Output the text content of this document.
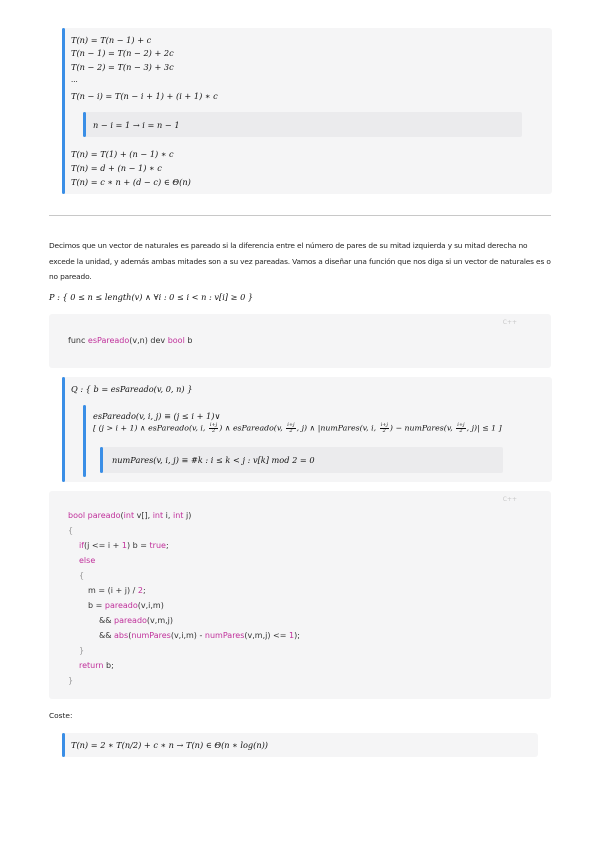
T(n) = T(n − 1) + c
T(n − 1) = T(n − 2) + 2c
T(n − 2) = T(n − 3) + 3c
...
T(n − i) = T(n − i + 1) + (i + 1) ∗ c
n − i = 1 → i = n − 1
T(n) = T(1) + (n − 1) ∗ c
T(n) = d + (n − 1) ∗ c
T(n) = c ∗ n + (d − c) ∈ Θ(n)
Decimos que un vector de naturales es pareado si la diferencia entre el número de pares de su mitad izquierda y su mitad derecha no excede la unidad, y además ambas mitades son a su vez pareadas. Vamos a diseñar una función que nos diga si un vector de naturales es o no pareado.
P : { 0 ≤ n ≤ length(v) ∧ ∀i : 0 ≤ i < n : v[i] ≥ 0 }
C++
func esPareado(v,n) dev bool b
Q : { b = esPareado(v, 0, n) }
esPareado(v, i, j) ≡ (j ≤ i + 1)∨
[ (j > i + 1) ∧ esPareado(v, i, $\frac{i+j}{2}$ ) ∧ esPareado(v, $\frac{i+j}{2}$ , j) ∧ |numPares(v, i, $\frac{i+j}{2}$ ) − numPares(v, $\frac{i+j}{2}$ , j)| ≤ 1 ]
numPares(v, i, j) ≡ #k : i ≤ k < j : v[k] mod 2 = 0
C++
bool pareado(int v[], int i, int j)
{
if(j <= i + 1) b = true;
else
{
m = (i + j) / 2;
b = pareado(v,i,m)
&& pareado(v,m,j)
&& abs(numPares(v,i,m) - numPares(v,m,j) <= 1);
}
return b;
}
Coste:
T(n) = 2 ∗ T(n/2) + c ∗ n → T(n) ∈ Θ(n ∗ log(n))
